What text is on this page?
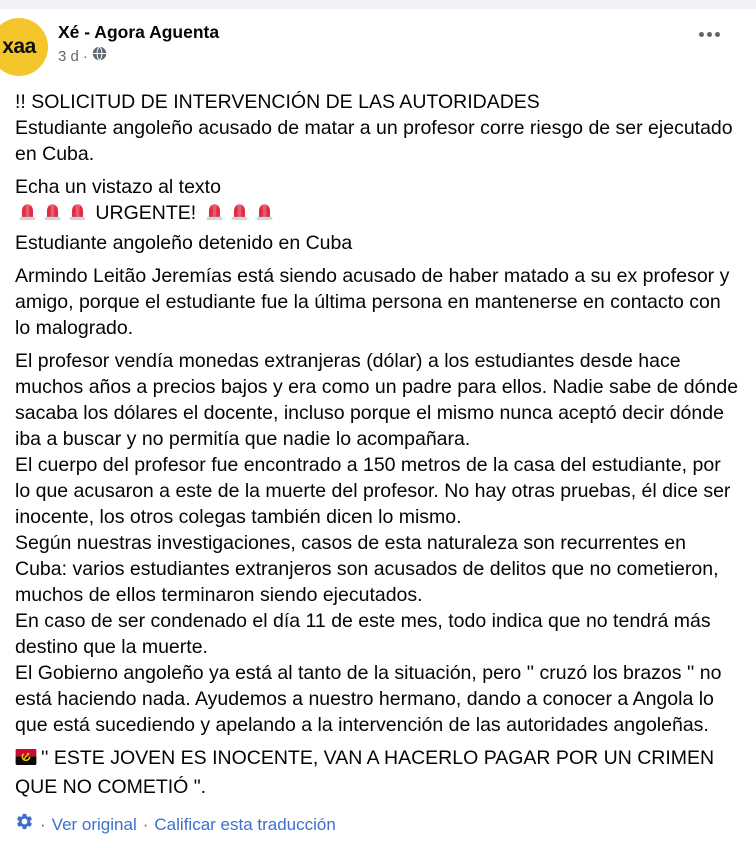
xaa
Xé - Agora Aguenta
3 d ·
!! SOLICITUD DE INTERVENCIÓN DE LAS AUTORIDADES
Estudiante angoleño acusado de matar a un profesor corre riesgo de ser ejecutado en Cuba.
Echa un vistazo al texto
URGENTE!
Estudiante angoleño detenido en Cuba
Armindo Leitão Jeremías está siendo acusado de haber matado a su ex profesor y amigo, porque el estudiante fue la última persona en mantenerse en contacto con lo malogrado.
El profesor vendía monedas extranjeras (dólar) a los estudiantes desde hace muchos años a precios bajos y era como un padre para ellos. Nadie sabe de dónde sacaba los dólares el docente, incluso porque el mismo nunca aceptó decir dónde iba a buscar y no permitía que nadie lo acompañara.
El cuerpo del profesor fue encontrado a 150 metros de la casa del estudiante, por lo que acusaron a este de la muerte del profesor. No hay otras pruebas, él dice ser inocente, los otros colegas también dicen lo mismo.
Según nuestras investigaciones, casos de esta naturaleza son recurrentes en Cuba: varios estudiantes extranjeros son acusados de delitos que no cometieron, muchos de ellos terminaron siendo ejecutados.
En caso de ser condenado el día 11 de este mes, todo indica que no tendrá más destino que la muerte.
El Gobierno angoleño ya está al tanto de la situación, pero '' cruzó los brazos '' no está haciendo nada. Ayudemos a nuestro hermano, dando a conocer a Angola lo que está sucediendo y apelando a la intervención de las autoridades angoleñas.
'' ESTE JOVEN ES INOCENTE, VAN A HACERLO PAGAR POR UN CRIMEN QUE NO COMETIÓ ".
· Ver original · Calificar esta traducción
